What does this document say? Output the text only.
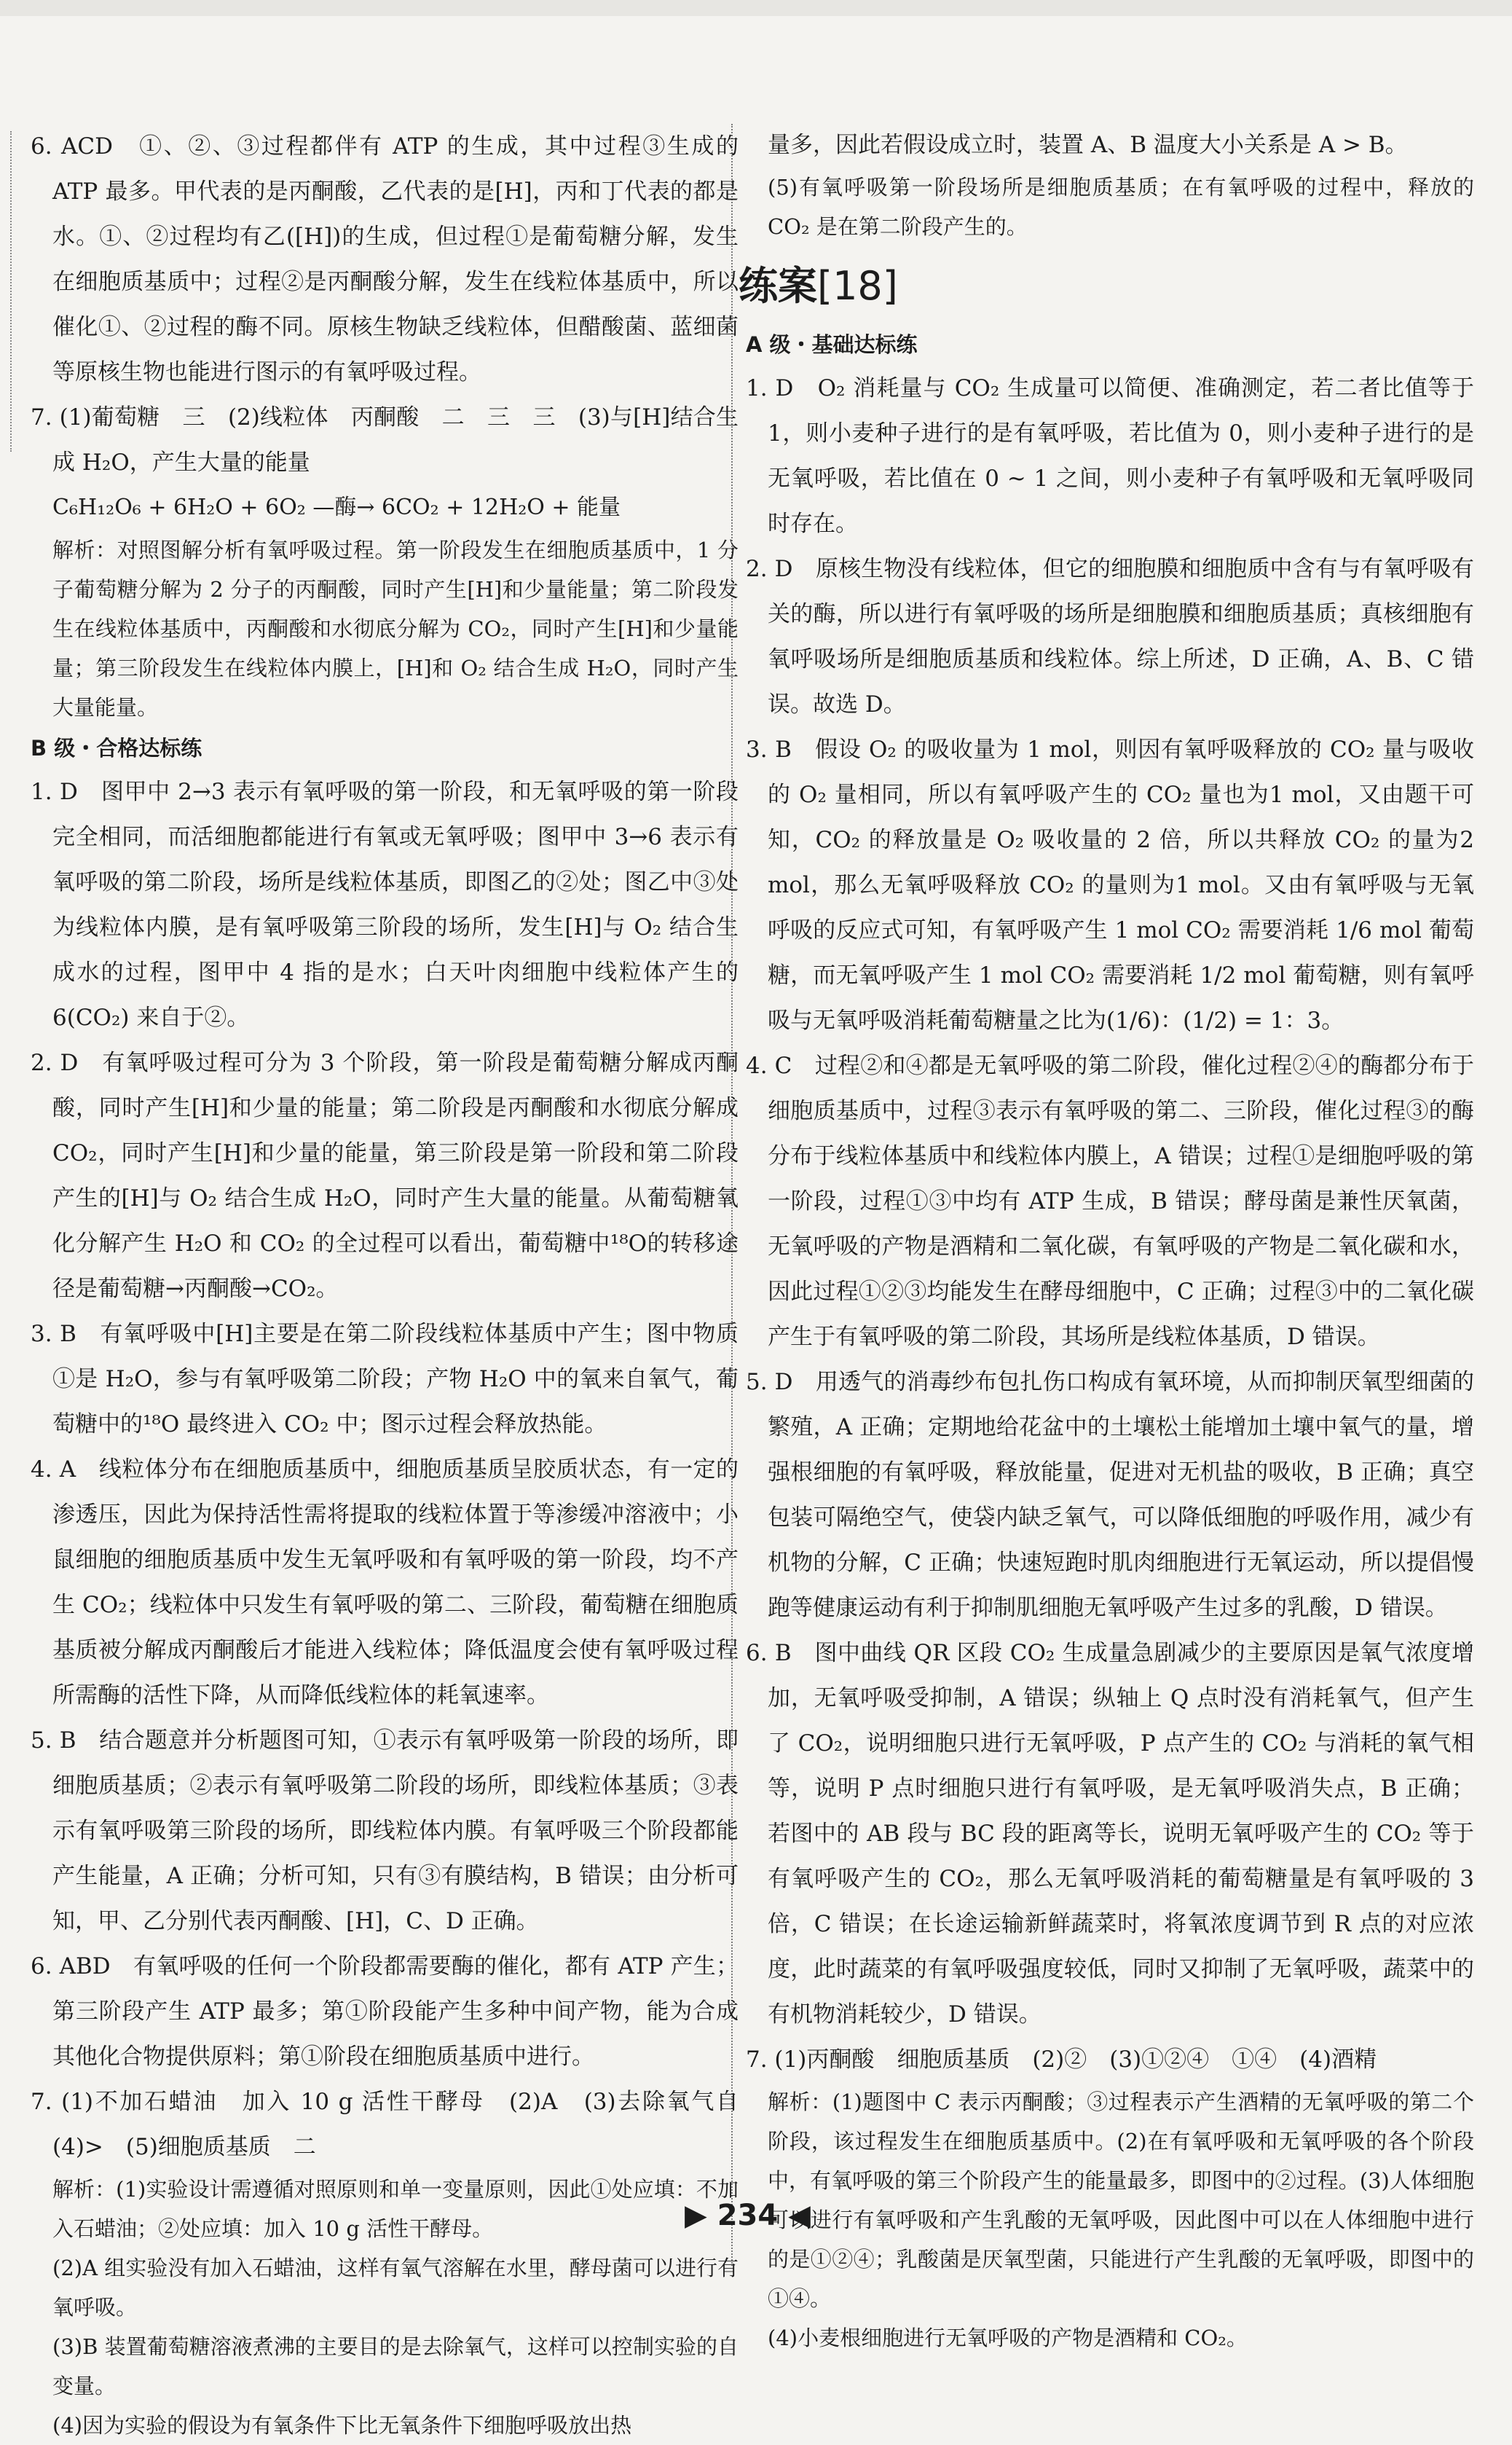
6. ACD　①、②、③过程都伴有 ATP 的生成，其中过程③生成的 ATP 最多。甲代表的是丙酮酸，乙代表的是[H]，丙和丁代表的都是水。①、②过程均有乙([H])的生成，但过程①是葡萄糖分解，发生在细胞质基质中；过程②是丙酮酸分解，发生在线粒体基质中，所以催化①、②过程的酶不同。原核生物缺乏线粒体，但醋酸菌、蓝细菌等原核生物也能进行图示的有氧呼吸过程。

7. (1)葡萄糖　三　(2)线粒体　丙酮酸　二　三　三　(3)与[H]结合生成 H₂O，产生大量的能量

C₆H₁₂O₆ + 6H₂O + 6O₂ —酶→ 6CO₂ + 12H₂O + 能量

解析：对照图解分析有氧呼吸过程。第一阶段发生在细胞质基质中，1 分子葡萄糖分解为 2 分子的丙酮酸，同时产生[H]和少量能量；第二阶段发生在线粒体基质中，丙酮酸和水彻底分解为 CO₂，同时产生[H]和少量能量；第三阶段发生在线粒体内膜上，[H]和 O₂ 结合生成 H₂O，同时产生大量能量。

B 级・合格达标练

1. D　图甲中 2→3 表示有氧呼吸的第一阶段，和无氧呼吸的第一阶段完全相同，而活细胞都能进行有氧或无氧呼吸；图甲中 3→6 表示有氧呼吸的第二阶段，场所是线粒体基质，即图乙的②处；图乙中③处为线粒体内膜，是有氧呼吸第三阶段的场所，发生[H]与 O₂ 结合生成水的过程，图甲中 4 指的是水；白天叶肉细胞中线粒体产生的 6(CO₂) 来自于②。

2. D　有氧呼吸过程可分为 3 个阶段，第一阶段是葡萄糖分解成丙酮酸，同时产生[H]和少量的能量；第二阶段是丙酮酸和水彻底分解成 CO₂，同时产生[H]和少量的能量，第三阶段是第一阶段和第二阶段产生的[H]与 O₂ 结合生成 H₂O，同时产生大量的能量。从葡萄糖氧化分解产生 H₂O 和 CO₂ 的全过程可以看出，葡萄糖中¹⁸O的转移途径是葡萄糖→丙酮酸→CO₂。

3. B　有氧呼吸中[H]主要是在第二阶段线粒体基质中产生；图中物质①是 H₂O，参与有氧呼吸第二阶段；产物 H₂O 中的氧来自氧气，葡萄糖中的¹⁸O 最终进入 CO₂ 中；图示过程会释放热能。

4. A　线粒体分布在细胞质基质中，细胞质基质呈胶质状态，有一定的渗透压，因此为保持活性需将提取的线粒体置于等渗缓冲溶液中；小鼠细胞的细胞质基质中发生无氧呼吸和有氧呼吸的第一阶段，均不产生 CO₂；线粒体中只发生有氧呼吸的第二、三阶段，葡萄糖在细胞质基质被分解成丙酮酸后才能进入线粒体；降低温度会使有氧呼吸过程所需酶的活性下降，从而降低线粒体的耗氧速率。

5. B　结合题意并分析题图可知，①表示有氧呼吸第一阶段的场所，即细胞质基质；②表示有氧呼吸第二阶段的场所，即线粒体基质；③表示有氧呼吸第三阶段的场所，即线粒体内膜。有氧呼吸三个阶段都能产生能量，A 正确；分析可知，只有③有膜结构，B 错误；由分析可知，甲、乙分别代表丙酮酸、[H]，C、D 正确。

6. ABD　有氧呼吸的任何一个阶段都需要酶的催化，都有 ATP 产生；第三阶段产生 ATP 最多；第①阶段能产生多种中间产物，能为合成其他化合物提供原料；第①阶段在细胞质基质中进行。

7. (1)不加石蜡油　加入 10 g 活性干酵母　(2)A　(3)去除氧气自　(4)>　(5)细胞质基质　二

解析：(1)实验设计需遵循对照原则和单一变量原则，因此①处应填：不加入石蜡油；②处应填：加入 10 g 活性干酵母。

(2)A 组实验没有加入石蜡油，这样有氧气溶解在水里，酵母菌可以进行有氧呼吸。

(3)B 装置葡萄糖溶液煮沸的主要目的是去除氧气，这样可以控制实验的自变量。

(4)因为实验的假设为有氧条件下比无氧条件下细胞呼吸放出热

量多，因此若假设成立时，装置 A、B 温度大小关系是 A > B。

(5)有氧呼吸第一阶段场所是细胞质基质；在有氧呼吸的过程中，释放的 CO₂ 是在第二阶段产生的。

练案[18]

A 级・基础达标练

1. D　O₂ 消耗量与 CO₂ 生成量可以简便、准确测定，若二者比值等于1，则小麦种子进行的是有氧呼吸，若比值为 0，则小麦种子进行的是无氧呼吸，若比值在 0 ~ 1 之间，则小麦种子有氧呼吸和无氧呼吸同时存在。

2. D　原核生物没有线粒体，但它的细胞膜和细胞质中含有与有氧呼吸有关的酶，所以进行有氧呼吸的场所是细胞膜和细胞质基质；真核细胞有氧呼吸场所是细胞质基质和线粒体。综上所述，D 正确，A、B、C 错误。故选 D。

3. B　假设 O₂ 的吸收量为 1 mol，则因有氧呼吸释放的 CO₂ 量与吸收的 O₂ 量相同，所以有氧呼吸产生的 CO₂ 量也为1 mol，又由题干可知，CO₂ 的释放量是 O₂ 吸收量的 2 倍，所以共释放 CO₂ 的量为2 mol，那么无氧呼吸释放 CO₂ 的量则为1 mol。又由有氧呼吸与无氧呼吸的反应式可知，有氧呼吸产生 1 mol CO₂ 需要消耗 1/6 mol 葡萄糖，而无氧呼吸产生 1 mol CO₂ 需要消耗 1/2 mol 葡萄糖，则有氧呼吸与无氧呼吸消耗葡萄糖量之比为(1/6)：(1/2) = 1：3。

4. C　过程②和④都是无氧呼吸的第二阶段，催化过程②④的酶都分布于细胞质基质中，过程③表示有氧呼吸的第二、三阶段，催化过程③的酶分布于线粒体基质中和线粒体内膜上，A 错误；过程①是细胞呼吸的第一阶段，过程①③中均有 ATP 生成，B 错误；酵母菌是兼性厌氧菌，无氧呼吸的产物是酒精和二氧化碳，有氧呼吸的产物是二氧化碳和水，因此过程①②③均能发生在酵母细胞中，C 正确；过程③中的二氧化碳产生于有氧呼吸的第二阶段，其场所是线粒体基质，D 错误。

5. D　用透气的消毒纱布包扎伤口构成有氧环境，从而抑制厌氧型细菌的繁殖，A 正确；定期地给花盆中的土壤松土能增加土壤中氧气的量，增强根细胞的有氧呼吸，释放能量，促进对无机盐的吸收，B 正确；真空包装可隔绝空气，使袋内缺乏氧气，可以降低细胞的呼吸作用，减少有机物的分解，C 正确；快速短跑时肌肉细胞进行无氧运动，所以提倡慢跑等健康运动有利于抑制肌细胞无氧呼吸产生过多的乳酸，D 错误。

6. B　图中曲线 QR 区段 CO₂ 生成量急剧减少的主要原因是氧气浓度增加，无氧呼吸受抑制，A 错误；纵轴上 Q 点时没有消耗氧气，但产生了 CO₂，说明细胞只进行无氧呼吸，P 点产生的 CO₂ 与消耗的氧气相等，说明 P 点时细胞只进行有氧呼吸，是无氧呼吸消失点，B 正确；若图中的 AB 段与 BC 段的距离等长，说明无氧呼吸产生的 CO₂ 等于有氧呼吸产生的 CO₂，那么无氧呼吸消耗的葡萄糖量是有氧呼吸的 3 倍，C 错误；在长途运输新鲜蔬菜时，将氧浓度调节到 R 点的对应浓度，此时蔬菜的有氧呼吸强度较低，同时又抑制了无氧呼吸，蔬菜中的有机物消耗较少，D 错误。

7. (1)丙酮酸　细胞质基质　(2)②　(3)①②④　①④　(4)酒精

解析：(1)题图中 C 表示丙酮酸；③过程表示产生酒精的无氧呼吸的第二个阶段，该过程发生在细胞质基质中。(2)在有氧呼吸和无氧呼吸的各个阶段中，有氧呼吸的第三个阶段产生的能量最多，即图中的②过程。(3)人体细胞可以进行有氧呼吸和产生乳酸的无氧呼吸，因此图中可以在人体细胞中进行的是①②④；乳酸菌是厌氧型菌，只能进行产生乳酸的无氧呼吸，即图中的①④。

(4)小麦根细胞进行无氧呼吸的产物是酒精和 CO₂。

▶ 234 ◀
